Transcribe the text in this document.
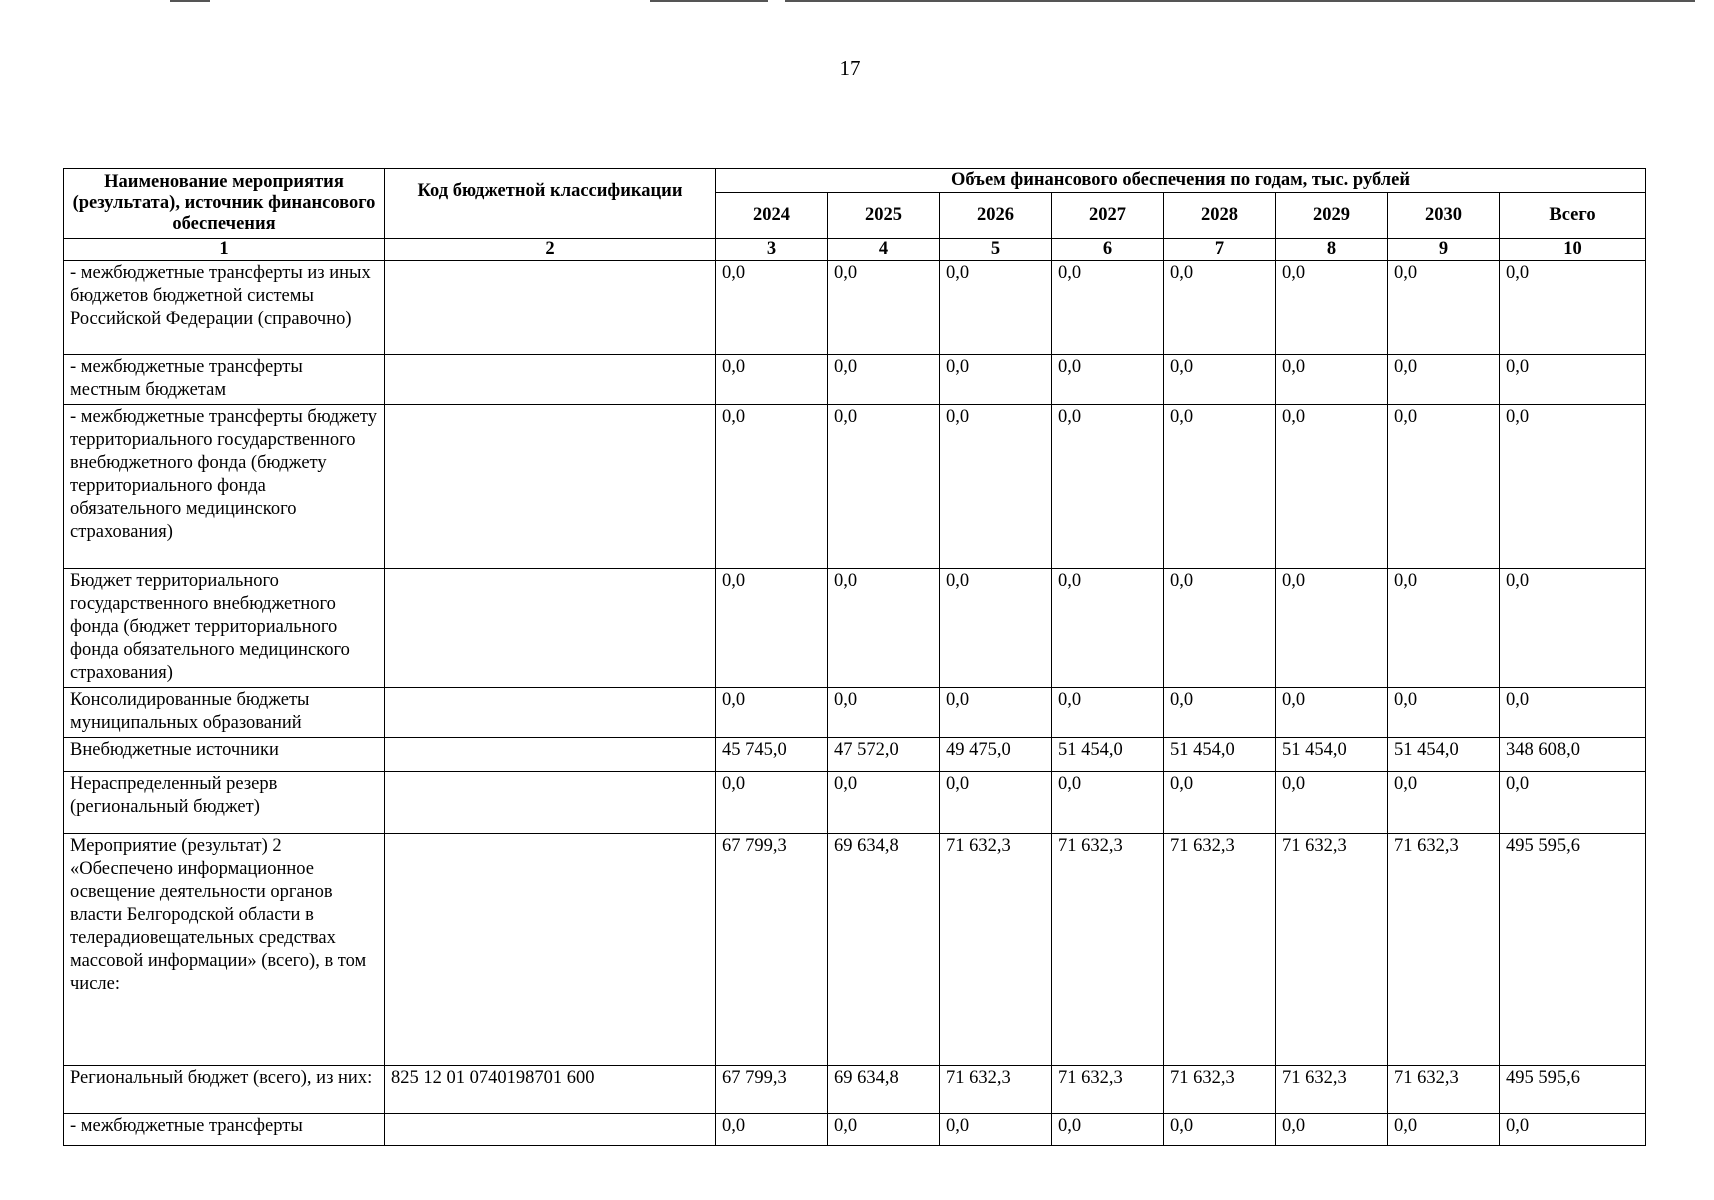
17
Наименование мероприятия (результата), источник финансового обеспечения	Код бюджетной классификации	Объем финансового обеспечения по годам, тыс. рублей							
		2024	2025	2026	2027	2028	2029	2030	Всего
1	2	3	4	5	6	7	8	9	10
- межбюджетные трансферты из иных бюджетов бюджетной системы Российской Федерации (справочно)		0,0	0,0	0,0	0,0	0,0	0,0	0,0	0,0
- межбюджетные трансферты местным бюджетам		0,0	0,0	0,0	0,0	0,0	0,0	0,0	0,0
- межбюджетные трансферты бюджету территориального государственного внебюджетного фонда (бюджету территориального фонда обязательного медицинского страхования)		0,0	0,0	0,0	0,0	0,0	0,0	0,0	0,0
Бюджет территориального государственного внебюджетного фонда (бюджет территориального фонда обязательного медицинского страхования)		0,0	0,0	0,0	0,0	0,0	0,0	0,0	0,0
Консолидированные бюджеты муниципальных образований		0,0	0,0	0,0	0,0	0,0	0,0	0,0	0,0
Внебюджетные источники		45 745,0	47 572,0	49 475,0	51 454,0	51 454,0	51 454,0	51 454,0	348 608,0
Нераспределенный резерв (региональный бюджет)		0,0	0,0	0,0	0,0	0,0	0,0	0,0	0,0
Мероприятие (результат) 2 «Обеспечено информационное освещение деятельности органов власти Белгородской области в телерадиовещательных средствах массовой информации» (всего), в том числе:		67 799,3	69 634,8	71 632,3	71 632,3	71 632,3	71 632,3	71 632,3	495 595,6
Региональный бюджет (всего), из них:	825 12 01 0740198701 600	67 799,3	69 634,8	71 632,3	71 632,3	71 632,3	71 632,3	71 632,3	495 595,6
- межбюджетные трансферты		0,0	0,0	0,0	0,0	0,0	0,0	0,0	0,0
